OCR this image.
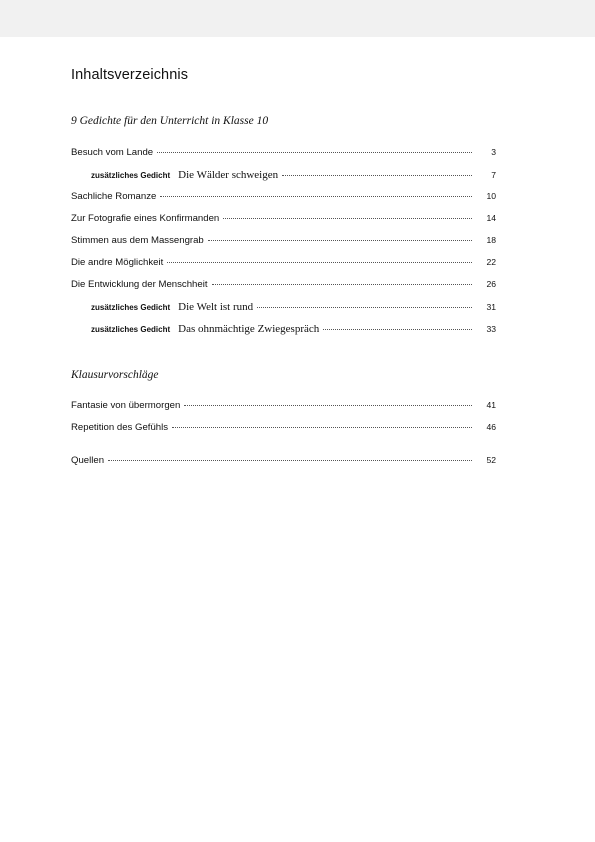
Inhaltsverzeichnis
9 Gedichte für den Unterricht in Klasse 10
Besuch vom Lande	3
zusätzliches Gedicht Die Wälder schweigen	7
Sachliche Romanze	10
Zur Fotografie eines Konfirmanden	14
Stimmen aus dem Massengrab	18
Die andre Möglichkeit	22
Die Entwicklung der Menschheit	26
zusätzliches Gedicht Die Welt ist rund	31
zusätzliches Gedicht Das ohnmächtige Zwiegespräch	33
Klausurvorschläge
Fantasie von übermorgen	41
Repetition des Gefühls	46
Quellen	52
